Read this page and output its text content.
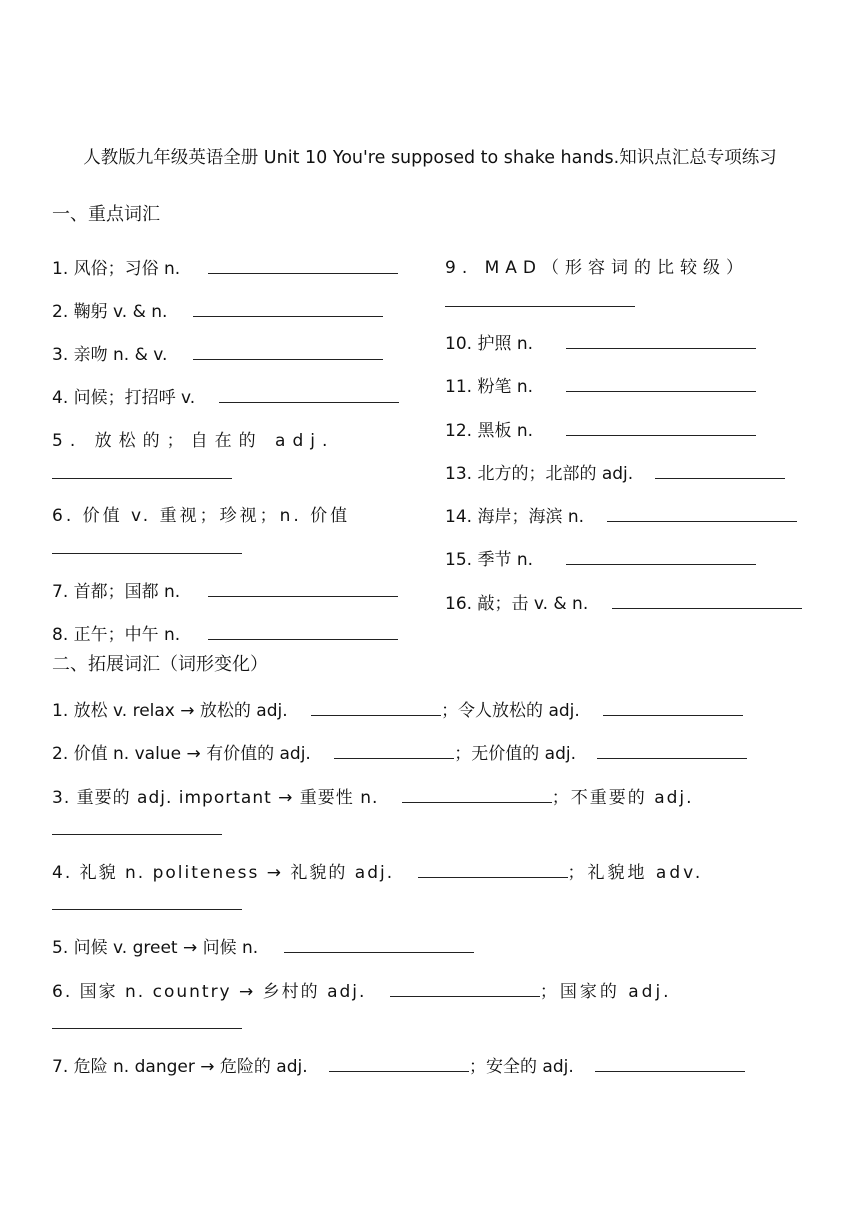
人教版九年级英语全册 Unit 10 You're supposed to shake hands.知识点汇总专项练习
一、重点词汇
1. 风俗；习俗 n.
2. 鞠躬 v. & n.
3. 亲吻 n. & v.
4. 问候；打招呼 v.
5. 放松的；自在的 adj.
6. 价值 v. 重视；珍视；n. 价值
7. 首都；国都 n.
8. 正午；中午 n.
9. MAD（形容词的比较级）
10. 护照 n.
11. 粉笔 n.
12. 黑板 n.
13. 北方的；北部的 adj.
14. 海岸；海滨 n.
15. 季节 n.
16. 敲；击 v. & n.
二、拓展词汇（词形变化）
1. 放松 v. relax → 放松的 adj.	；令人放松的 adj.
2. 价值 n. value → 有价值的 adj.	；无价值的 adj.
3. 重要的 adj. important → 重要性 n.	；不重要的 adj.
4. 礼貌 n. politeness → 礼貌的 adj.	；礼貌地 adv.
5. 问候 v. greet → 问候 n.
6. 国家 n. country → 乡村的 adj.	；国家的 adj.
7. 危险 n. danger → 危险的 adj.	；安全的 adj.
